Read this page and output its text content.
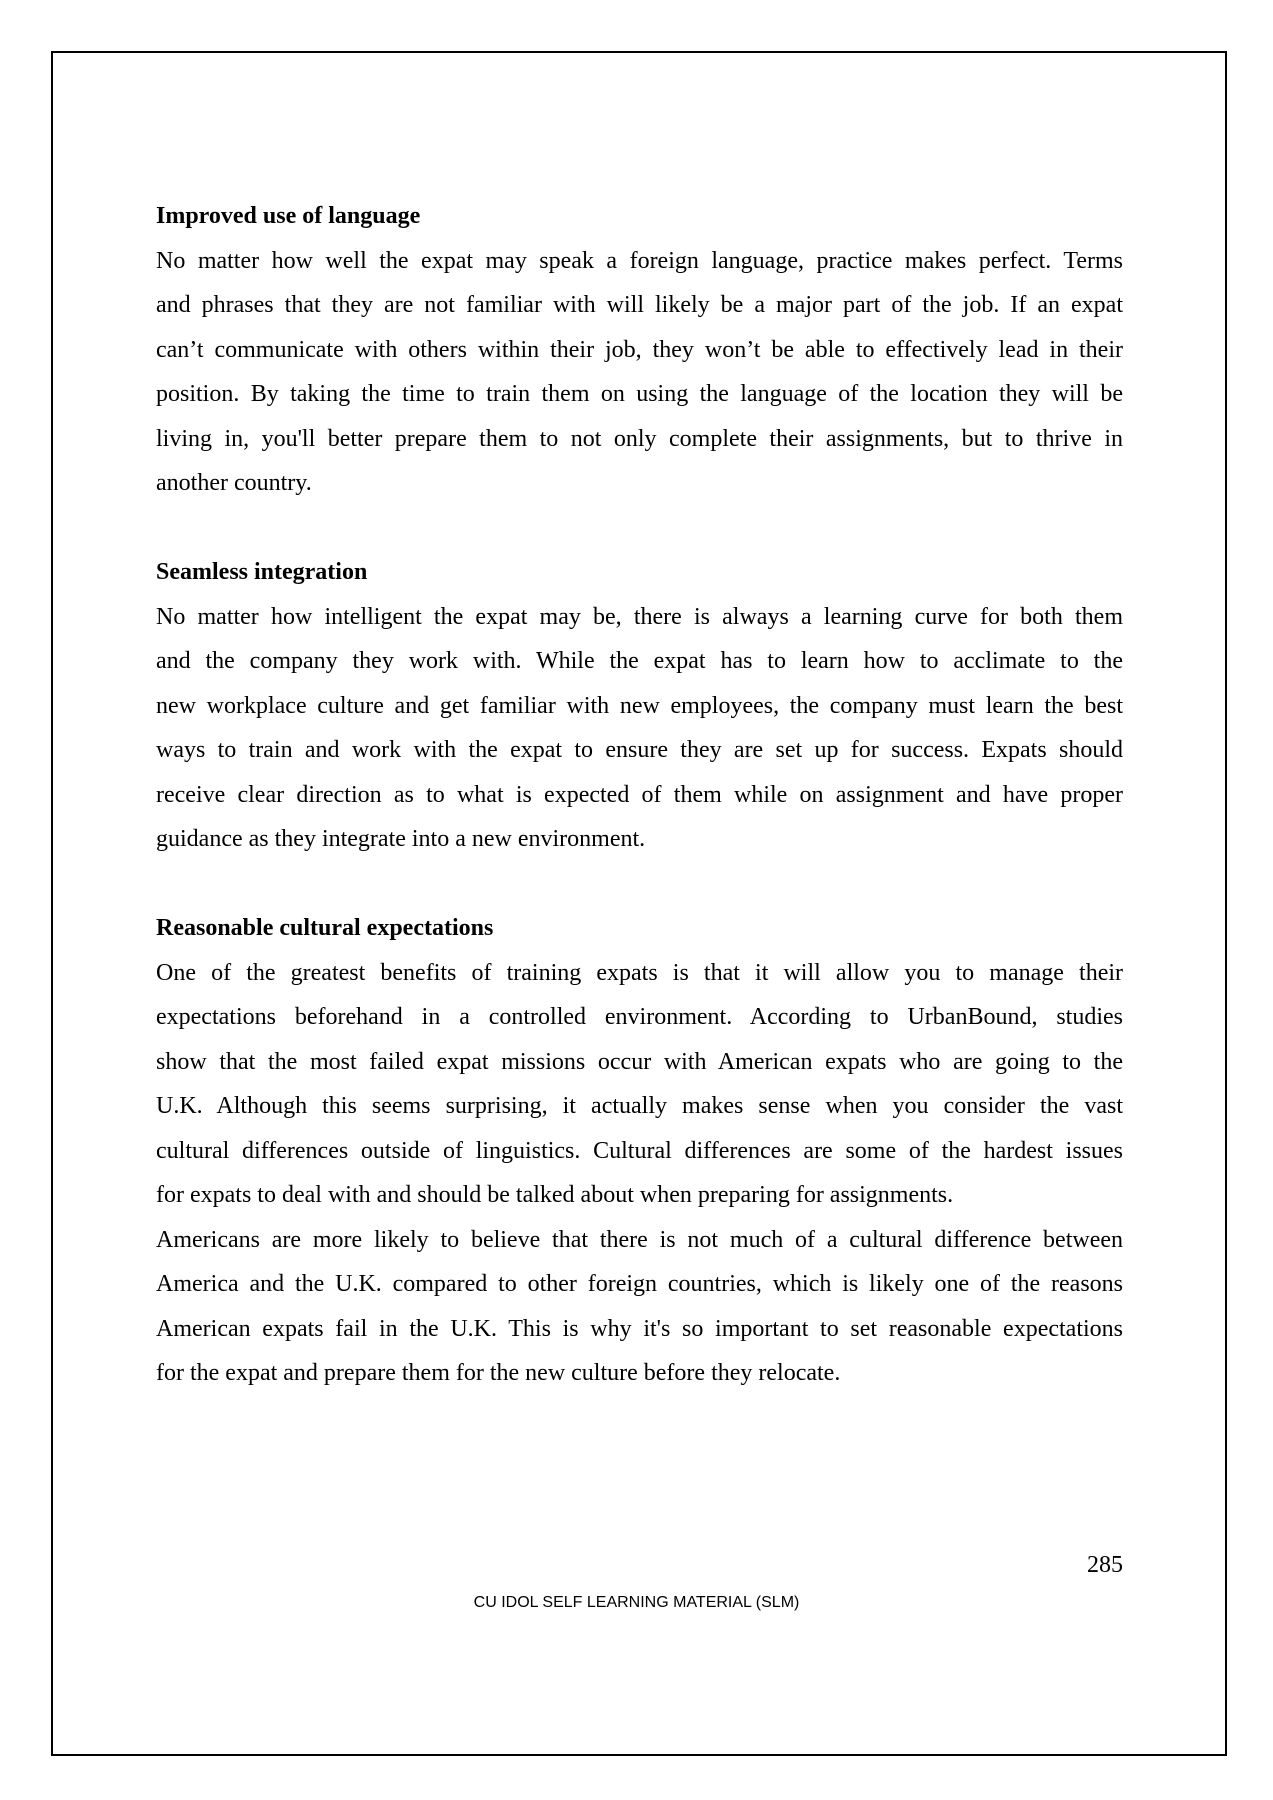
Improved use of language
No matter how well the expat may speak a foreign language, practice makes perfect. Terms
and phrases that they are not familiar with will likely be a major part of the job. If an expat
can’t communicate with others within their job, they won’t be able to effectively lead in their
position. By taking the time to train them on using the language of the location they will be
living in, you'll better prepare them to not only complete their assignments, but to thrive in
another country.
Seamless integration
No matter how intelligent the expat may be, there is always a learning curve for both them
and the company they work with. While the expat has to learn how to acclimate to the
new workplace culture and get familiar with new employees, the company must learn the best
ways to train and work with the expat to ensure they are set up for success. Expats should
receive clear direction as to what is expected of them while on assignment and have proper
guidance as they integrate into a new environment.
Reasonable cultural expectations
One of the greatest benefits of training expats is that it will allow you to manage their
expectations beforehand in a controlled environment. According to UrbanBound, studies
show that the most failed expat missions occur with American expats who are going to the
U.K. Although this seems surprising, it actually makes sense when you consider the vast
cultural differences outside of linguistics. Cultural differences are some of the hardest issues
for expats to deal with and should be talked about when preparing for assignments.
Americans are more likely to believe that there is not much of a cultural difference between
America and the U.K. compared to other foreign countries, which is likely one of the reasons
American expats fail in the U.K. This is why it's so important to set reasonable expectations
for the expat and prepare them for the new culture before they relocate.
285
CU IDOL SELF LEARNING MATERIAL (SLM)
